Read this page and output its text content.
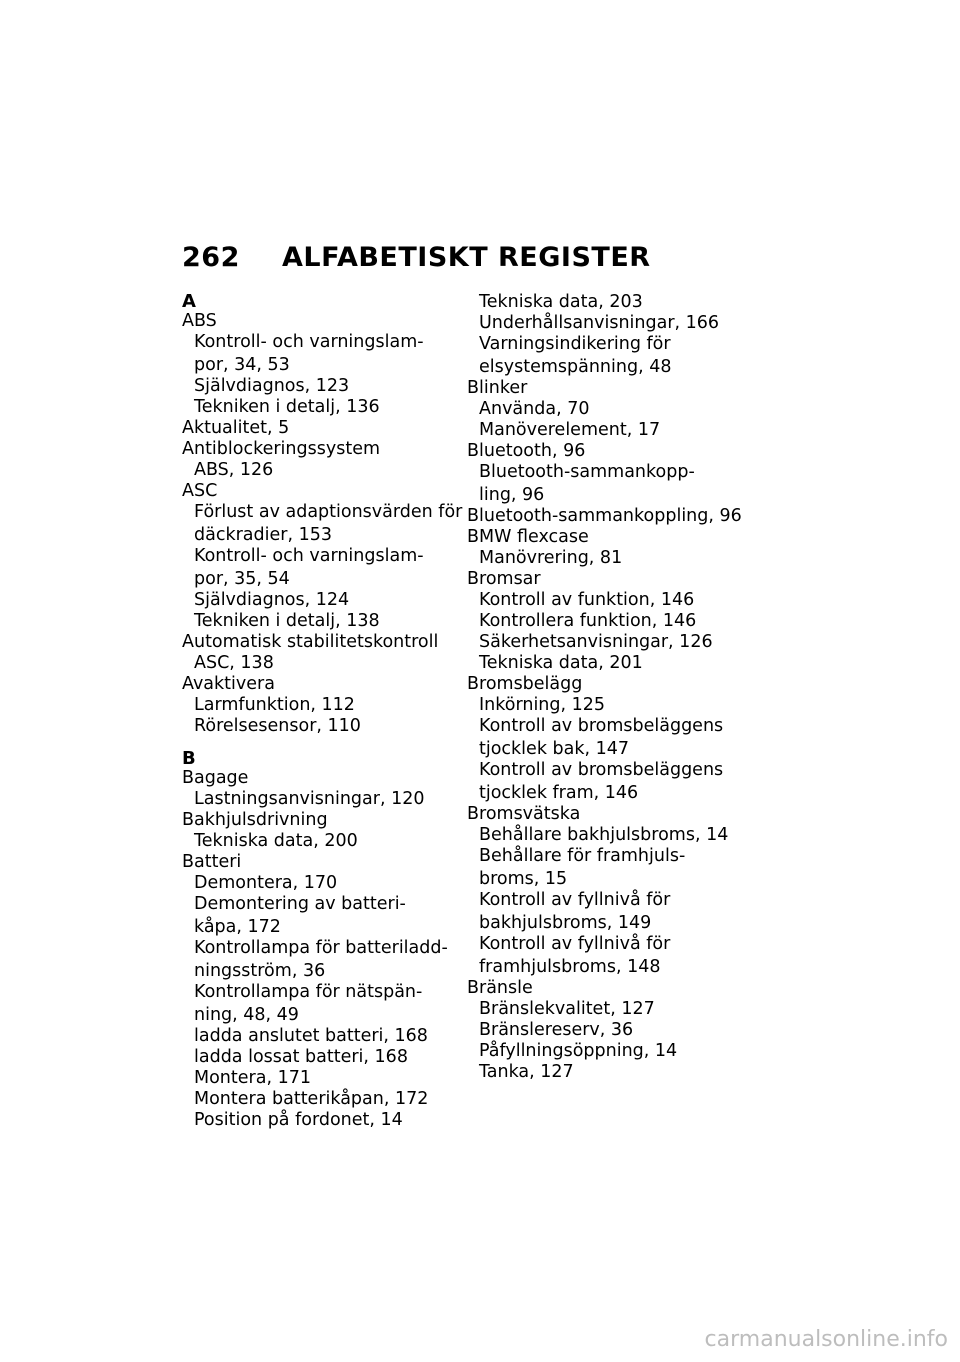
262	ALFABETISKT REGISTER
A
ABS
Kontroll- och varningslam-
por, 34, 53
Självdiagnos, 123
Tekniken i detalj, 136
Aktualitet, 5
Antiblockeringssystem
ABS, 126
ASC
Förlust av adaptionsvärden för
däckradier, 153
Kontroll- och varningslam-
por, 35, 54
Självdiagnos, 124
Tekniken i detalj, 138
Automatisk stabilitetskontroll
ASC, 138
Avaktivera
Larmfunktion, 112
Rörelsesensor, 110
B
Bagage
Lastningsanvisningar, 120
Bakhjulsdrivning
Tekniska data, 200
Batteri
Demontera, 170
Demontering av batteri-
kåpa, 172
Kontrollampa för batteriladd-
ningsström, 36
Kontrollampa för nätspän-
ning, 48, 49
ladda anslutet batteri, 168
ladda lossat batteri, 168
Montera, 171
Montera batterikåpan, 172
Position på fordonet, 14
Tekniska data, 203
Underhållsanvisningar, 166
Varningsindikering för
elsystemspänning, 48
Blinker
Använda, 70
Manöverelement, 17
Bluetooth, 96
Bluetooth-sammankopp-
ling, 96
Bluetooth-sammankoppling, 96
BMW flexcase
Manövrering, 81
Bromsar
Kontroll av funktion, 146
Kontrollera funktion, 146
Säkerhetsanvisningar, 126
Tekniska data, 201
Bromsbelägg
Inkörning, 125
Kontroll av bromsbeläggens
tjocklek bak, 147
Kontroll av bromsbeläggens
tjocklek fram, 146
Bromsvätska
Behållare bakhjulsbroms, 14
Behållare för framhjuls-
broms, 15
Kontroll av fyllnivå för
bakhjulsbroms, 149
Kontroll av fyllnivå för
framhjulsbroms, 148
Bränsle
Bränslekvalitet, 127
Bränslereserv, 36
Påfyllningsöppning, 14
Tanka, 127
carmanualsonline.info
